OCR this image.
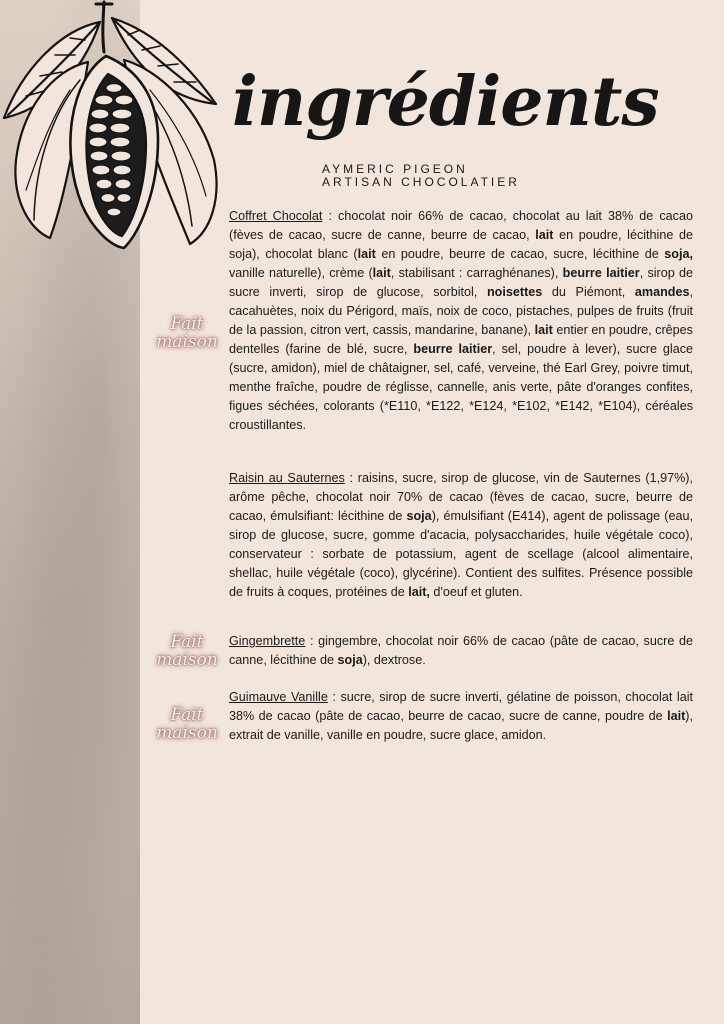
ingrédients
AYMERIC PIGEON
ARTISAN CHOCOLATIER
Fait
maison
Fait
maison
Fait
maison

Coffret Chocolat : chocolat noir 66% de cacao, chocolat au lait 38% de cacao (fèves de cacao, sucre de canne, beurre de cacao, lait en poudre, lécithine de soja), chocolat blanc (lait en poudre, beurre de cacao, sucre, lécithine de soja, vanille naturelle), crème (lait, stabilisant : carraghénanes), beurre laitier, sirop de sucre inverti, sirop de glucose, sorbitol, noisettes du Piémont, amandes, cacahuètes, noix du Périgord, maïs, noix de coco, pistaches, pulpes de fruits (fruit de la passion, citron vert, cassis, mandarine, banane), lait entier en poudre, crêpes dentelles (farine de blé, sucre, beurre laitier, sel, poudre à lever), sucre glace (sucre, amidon), miel de châtaigner, sel, café, verveine, thé Earl Grey, poivre timut, menthe fraîche, poudre de réglisse, cannelle, anis verte, pâte d'oranges confites, figues séchées, colorants (*E110, *E122, *E124, *E102, *E142, *E104), céréales croustillantes.

Raisin au Sauternes : raisins, sucre, sirop de glucose, vin de Sauternes (1,97%), arôme pêche, chocolat noir 70% de cacao (fèves de cacao, sucre, beurre de cacao, émulsifiant: lécithine de soja), émulsifiant (E414), agent de polissage (eau, sirop de glucose, sucre, gomme d'acacia, polysaccharides, huile végétale coco), conservateur : sorbate de potassium, agent de scellage (alcool alimentaire, shellac, huile végétale (coco), glycérine). Contient des sulfites. Présence possible de fruits à coques, protéines de lait, d'oeuf et gluten.

Gingembrette : gingembre, chocolat noir 66% de cacao (pâte de cacao, sucre de canne, lécithine de soja), dextrose.

Guimauve Vanille : sucre, sirop de sucre inverti, gélatine de poisson, chocolat lait 38% de cacao (pâte de cacao, beurre de cacao, sucre de canne, poudre de lait), extrait de vanille, vanille en poudre, sucre glace, amidon.
